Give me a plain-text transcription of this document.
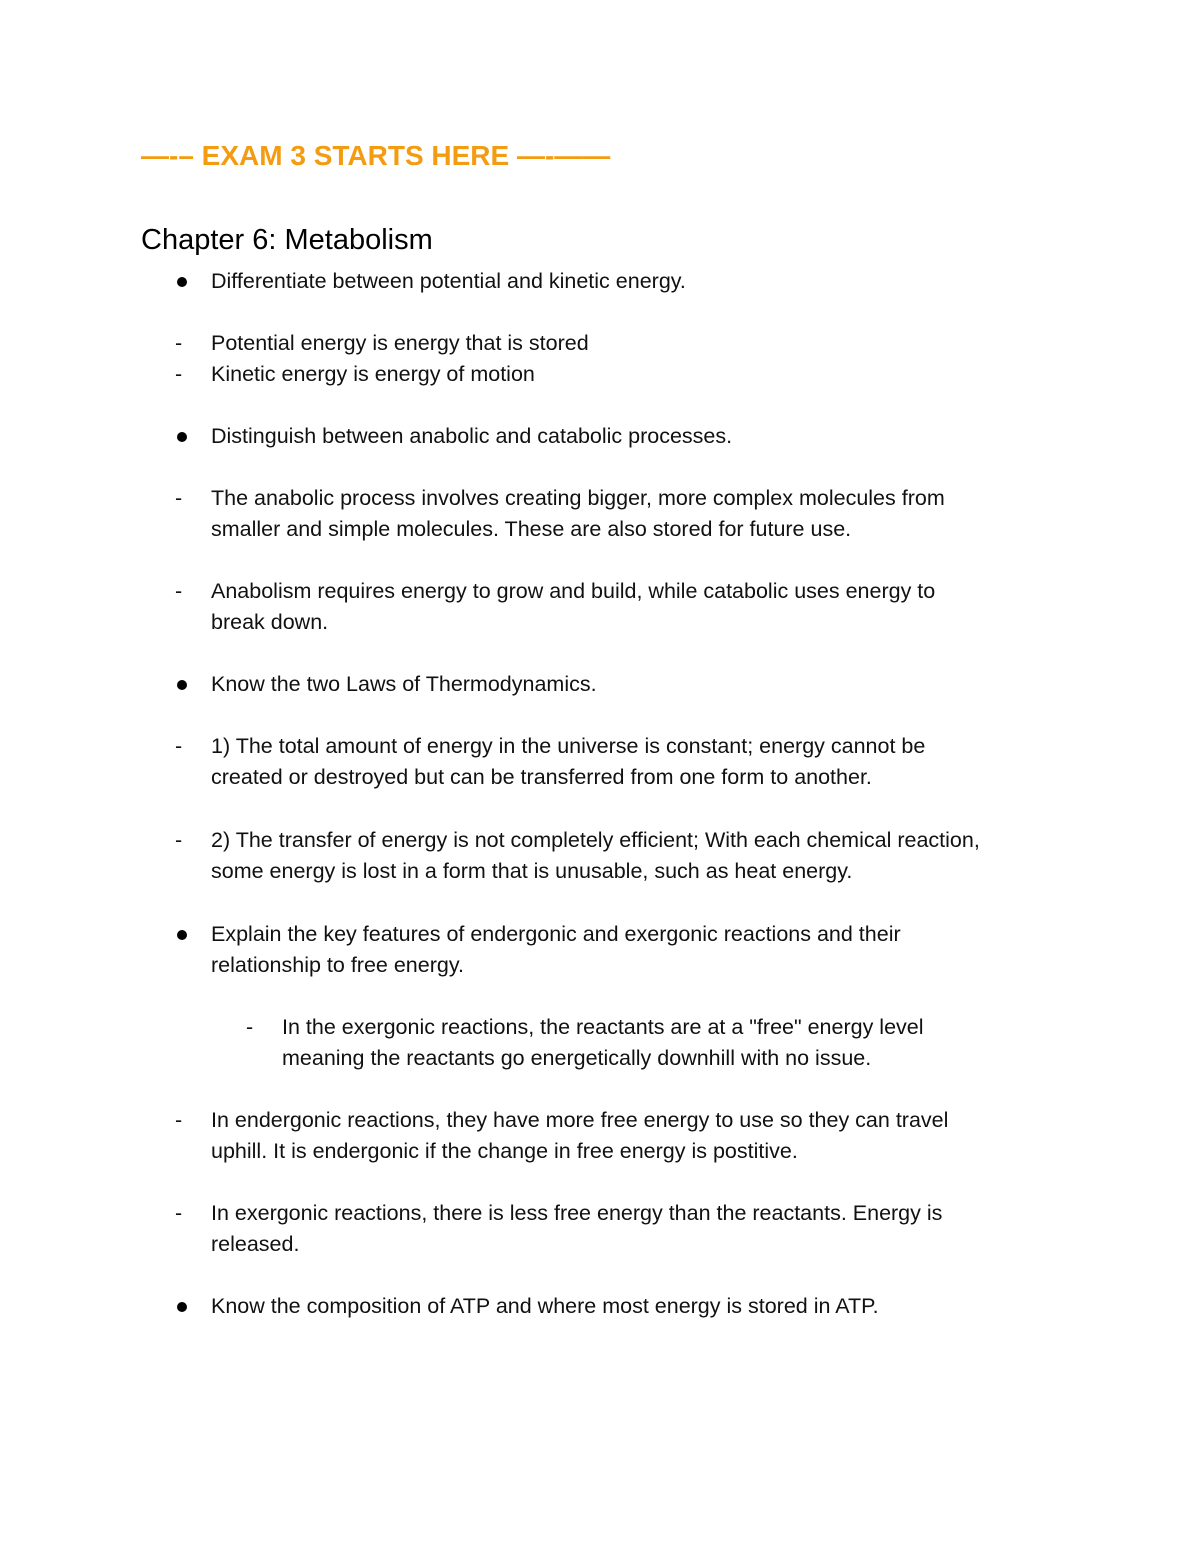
—-– EXAM 3 STARTS HERE —-——
Chapter 6: Metabolism
Differentiate between potential and kinetic energy.
- Potential energy is energy that is stored
- Kinetic energy is energy of motion
Distinguish between anabolic and catabolic processes.
- The anabolic process involves creating bigger, more complex molecules from
smaller and simple molecules. These are also stored for future use.
- Anabolism requires energy to grow and build, while catabolic uses energy to
break down.
Know the two Laws of Thermodynamics.
- 1) The total amount of energy in the universe is constant; energy cannot be
created or destroyed but can be transferred from one form to another.
- 2) The transfer of energy is not completely efficient; With each chemical reaction,
some energy is lost in a form that is unusable, such as heat energy.
Explain the key features of endergonic and exergonic reactions and their
relationship to free energy.
- In the exergonic reactions, the reactants are at a "free" energy level
meaning the reactants go energetically downhill with no issue.
- In endergonic reactions, they have more free energy to use so they can travel
uphill. It is endergonic if the change in free energy is postitive.
- In exergonic reactions, there is less free energy than the reactants. Energy is
released.
Know the composition of ATP and where most energy is stored in ATP.
